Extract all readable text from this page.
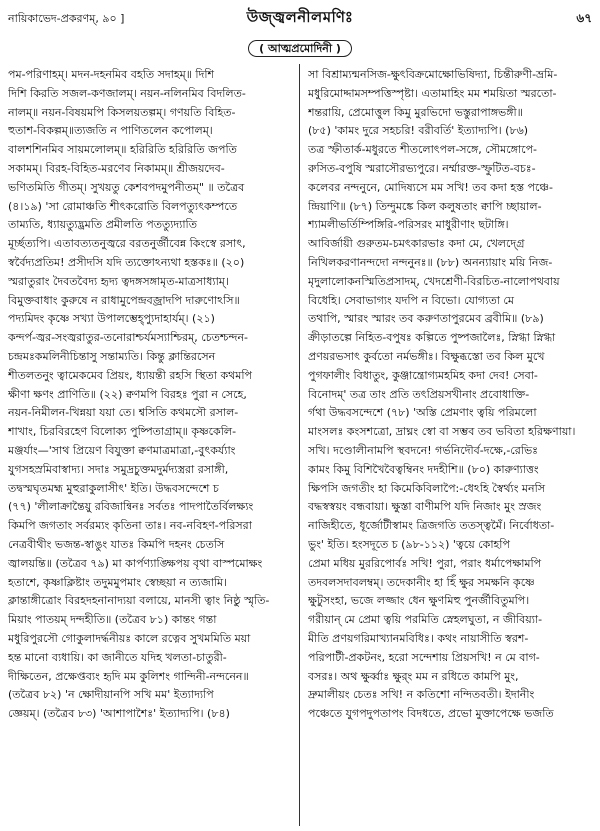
নায়িকাভেদ-প্রকরণম্, ৯০ ]	উজ্জ্বলনীলমণিঃ	৬৭
( আত্মপ্রমোদিনী )
পম-পরিণাহম্। মদন-দহনমিব বহতি সদাহম্॥ দিশি
দিশি কিরতি সজল-কণজালম্। নয়ন-নলিনমিব বিদলিত-
নালম্॥ নয়ন-বিষয়মপি কিসলয়তল্পম্। গণয়তি বিহিত-
হুতাশ-বিকল্পম্॥ত্যজতি ন পাণিতলেন কপোলম্।
বালশশিনমিব সায়মলোলম্॥ হরিরিতি হরিরিতি জপতি
সকামম্। বিরহ-বিহিত-মরণেব নিকামম্॥ শ্রীজয়দেব-
ভণিতমিতি গীতম্। সুখয়তু কেশবপদমুপনীতম্" ॥ তত্রৈব
(৪।১৯) 'সা রোমাঞ্চতি শীৎকরোতি বিলপত্যুৎকম্পতে
তাম্যতি, ধ্যায়ত্যুদ্ভ্রমতি প্রমীলতি পতত্যুদ্যাতি
মূর্চ্ছত্যপি। এতাবত্যতনুজ্বরে বরতনুর্জীবেন্ন কিংস্বে রসাৎ,
স্বর্বৈদ্যপ্রতিম! প্রসীদসি যদি ত্যক্তোঽন্যথা হস্তকঃ॥ (২০)
স্মরাতুরাং দৈবতবৈদ্য হৃদ্য ত্বদঙ্গসঙ্গামৃত-মাত্রসাধ্যাম্।
বিমুক্তবাধাং কুরুষে ন রাধামুপেন্দ্রবজ্রাদপি দারুণোঽসি॥
পদ্যমিদং কৃষ্ণে সখ্যা উপালম্ভেহ্প্যুদাহার্যম্। (২১)
কন্দর্প-জ্বর-সংজ্বরাতুর-তনোরাশ্চর্যমস্যাশ্চিরম্, চেতশ্চন্দন-
চন্দ্রমঃকমলিনীচিন্তাসু সন্তাম্যতি। কিন্তু ক্লান্তিরসেন
শীতলতনুং ত্বামেকমেব প্রিয়ং, ধ্যায়ন্তী রহসি স্থিতা কথমপি
ক্ষীণা ক্ষণং প্রাণিতি॥ (২২) ক্বণমপি বিরহঃ পুরা ন সেহে,
নয়ন-নিমীলন-খিন্নয়া যয়া তে। শ্বসিতি কথমসৌ রসাল-
শাখাং, চিরবিরহেণ বিলোক্য পুষ্পিতাগ্রাম্॥ কৃষ্ণকেলি-
মঞ্জর্যাং—'সাথ প্রিয়েণ বিযুক্তা ক্বণমাত্রমাত্রা,-বুৎকর্য্যাং
যুগসহস্রমিবাস্বাদ্য। সদাঃ সমুদ্রচুক্তমদুর্মদ্যস্ত্ররা রসাঙ্গী,
তদ্বস্মঘৃতমহ্ম মুহুরাকুলাসীৎ' ইতি। উদ্ধবসন্দেশে চ
(৭৭) 'লীলাক্রান্তৈয়ু রবিজান্বিনঃ সর্বতঃ পাদপাতৈর্বিলক্ষ্যং
কিমপি জগতাং সর্বরম্যং কৃতিনা তাঃ। নব-নবিহণ-পরিসরা
নেত্রবীথীং ভজন্ত-স্বাঙুং যাতঃ কিমপি দহনং চেতসি
জ্বালয়ন্তি॥ (তত্রৈব ৭৯) মা কার্পণ্যাঙ্ক্ষিপয় বৃথা বাস্পমোক্ষং
হতাশে, কৃষ্ণাক্লিষ্টাং তদুমমুপমাং স্বেচ্ছয়া ন ত্যজামি।
ক্লান্তাঙ্গীত্রোং বিরহদহনানাদ্যয়া বলায়ে, মানসী ত্বাং নিষ্ঠু স্মৃতি-
মিয়াং পাতয়ম্ দন্দহীতি॥ (তত্রৈব ৮১) কান্তং গন্তা
মধুরিপুরসৌ গোকুলাদর্দ্ধনীয়ঃ কালে রত্নেব সুখমমিতি ময়া
হন্ত মানো ব্যধায়ি। কা জানীতে যদিহ খলতা-চাতুরী-
দীক্ষিতেন, প্রক্ষেপ্তব্যং হৃদি মম কুলিশং গান্দিনী-নন্দনেন॥
(তত্রৈব ৮২) 'ন ক্ষোদীয়ানপি সখি মম' ইত্যাদ্যপি
জ্ঞেয়ম্। (তত্রৈব ৮৩) 'আশাপাশৈঃ' ইত্যাদ্যপি। (৮৪)
সা বিশ্রাম্যন্মনসিজ-ক্ষুৎবিক্রমোক্ষোভিষিদ্যা, চিন্তীরুণী-ভ্রমি-
মধুরিমোদ্দামসম্পত্তিস্পৃষ্টা। এতামাহিং মম শময়িতা স্মরতো-
শন্তরায়ি, প্রেমোত্তুল কিমু মুরভিদো ভস্তুরাপাঙ্গভঙ্গী॥
(৮৫) 'কামং দুরে সহচরি! বরীবর্তি' ইত্যাদ্যপি। (৮৬)
তত্র স্ফীতাৰ্ক-মধুরতে শীতলোৎপল-সঙ্গে, সৌমঙ্গোপে-
রুসিত-বপুষি স্মরাসৌরভ্যপুরে। নর্ম্মারক্ত-স্ফুটিত-বচঃ-
কলেবর নন্দনুনে, মোদিষ্যসে মম সখি! তব কদা হস্ত পঞ্চে-
ন্দ্রিয়াণি॥ (৮৭) তিন্দুমঙ্কে কিল কলুষতাং ক্বাপি চ্ছায়াল-
শ্যামলীভর্তিম্পিঙ্গিরি-পরিসরং মাধুরীণাং ছটাঙ্গি।
আবির্জায়ী গুরুতম-চমৎকারভাঃ কদা মে, খেলদ্গ্ৰে
নিখিলকরণানন্দদো নন্দনুনঃ॥ (৮৮) অনন্যায়াং ময়ি নিজ-
মৃদুলালোকনস্মিতিপ্রসাদম্, খেদশ্রেণী-বিরচিত-নালোপথবায়
বিধেহি। সেবাভাগ্যং যদপি ন বিভো। যোগ্যতা মে
তথাপি, স্মারং স্মারং তব করুণতাপুরমেব ব্রবীমি॥ (৮৯)
ক্রীড়াতল্পে নিহিত-বপুষঃ কল্পিতে পুষ্পজালৈঃ, স্নিগ্ধা স্নিগ্ধা
প্রণয়রভসাৎ কুর্বতো নর্মভঙ্গীঃ। বিক্ষুব্ধস্তো তব কিল মুখে
পুগফালীং বিধাতুং, কুঞ্জান্ত্রোগ্যমহমিহ কদা দেব! সেবা-
বিনোদম্' তত্র তাং প্রতি তৎপ্রিয়সখীনাং প্রবোধাক্তি-
র্গথা উদ্ধবসন্দেশে (৭৮) 'অস্তি প্রেমণাং ত্বয়ি পরিমলো
মাংসলঃ কংসশত্রো, দ্রাঘ্নং স্বো বা সম্ভব তব ভবিতা হরিক্ষণায়া।
সখি। দণ্ডোলীনামপি স্থবদনে! গর্ভনিদৌর্ব-দক্ষে,-রেভিঃ
কামং কিমু বিশিখৈবৈত্বম্বিনং দদহীশি॥ (৮০) কারুণ্যাত্তং
ক্ষিপসি জগতীং হা কিমেকিবিলাপৈ:-ধেঽহি স্বৈর্থ্যং মনসি
বদ্ধস্বস্বয়ং বন্ধবায়া। ক্ষুস্তা বাণীমপি যদি নিজাং মুং স্রজং
নাজিহীতে, ধূর্জোটীস্বামং ত্রিজগতি ততস্ত্বমৈঁ। নির্বোধতা-
ভুং' ইতি। হংসদূতে চ (৯৮-১১২) 'ত্বয়ে কোহপি
প্রেমা মধিয় মুররিপোর্বঃ সখি! পুরা, পরাং ধর্মাপেক্ষামপি
তদবলসদাবলম্বম্। তদেকানীং হা হিঁ ক্ষুর সমক্ষনি কৃষ্ণে
ক্ষুটুসংহা, ভজে লজ্জাং ধেন ক্ষুণমিহু পুনর্জীবিতুমপি।
গরীয়ান্ মে প্রেমা ত্বয়ি পরমিতি স্নেহলঘুতা, ন জীবিয়্যা-
মীতি প্রণয়গরিমাখ্যানমবিধিঃ। কথং নায়াসীতি স্বরশ-
পরিপাটী-প্রকটনং, হরো সন্দেশায় প্রিয়সখি! ন মে বাগ-
বসরঃ। অথ ক্ষুৰ্ব্বাঃ ক্ষুর্ং মম ন রধিতে কামপি মুং,
দ্রুমালীয়ং চেতঃ সখি! ন কতিশো নন্দিতবতী। ইদানীং
পঞ্চেতে যুগপদুপতাপং বিদধতে, প্রভো মুক্তাপেক্ষে ভজতি
